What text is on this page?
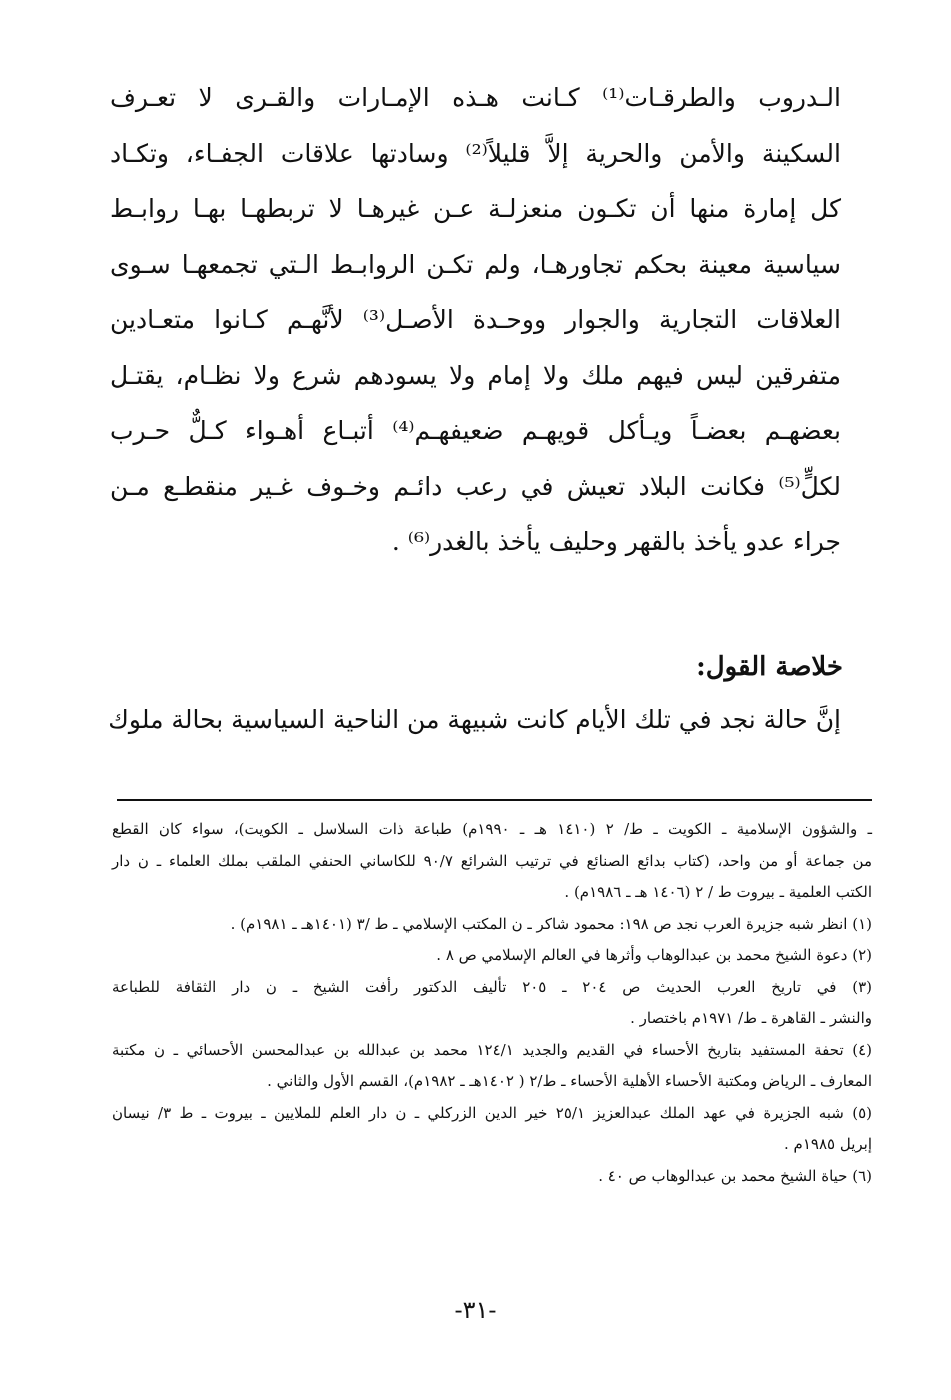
الـدروب والطرقـات⁽¹⁾ كـانت هـذه الإمـارات والقـرى لا تعـرف
السكينة والأمن والحرية إلاَّ قليلاً⁽²⁾ وسادتها علاقات الجفـاء، وتكـاد
كل إمارة منها أن تكـون منعزلـة عـن غيرهـا لا تربطهـا بهـا روابـط
سياسية معينة بحكم تجاورهـا، ولم تكـن الروابـط الـتي تجمعهـا سـوى
العلاقات التجارية والجوار ووحـدة الأصـل⁽³⁾ لأنَّهـم كـانوا متعـادين
متفرقين ليس فيهم ملك ولا إمام ولا يسودهم شرع ولا نظـام، يقتـل
بعضهـم بعضـاً ويـأكل قويهـم ضعيفهـم⁽⁴⁾ أتبـاع أهـواء كـلٌّ حـرب
لكلٍّ⁽⁵⁾ فكانت البلاد تعيش في رعب دائـم وخـوف غـير منقطـع مـن
جراء عدو يأخذ بالقهر وحليف يأخذ بالغدر⁽⁶⁾ .
خلاصة القول:
إنَّ حالة نجد في تلك الأيام كانت شبيهة من الناحية السياسية بحالة ملوك
ـ والشؤون الإسلامية ـ الكويت ـ ط/ ٢ (١٤١٠ هـ ـ ١٩٩٠م) طباعة ذات السلاسل ـ الكويت)، سواء كان القطع
من جماعة أو من واحد، (كتاب بدائع الصنائع في ترتيب الشرائع ٩٠/٧ للكاساني الحنفي الملقب بملك العلماء ـ ن دار
الكتب العلمية ـ بيروت ط / ٢ (١٤٠٦ هـ ـ ١٩٨٦م) .
(١) انظر شبه جزيرة العرب نجد ص ١٩٨: محمود شاكر ـ ن المكتب الإسلامي ـ ط /٣ (١٤٠١هـ ـ ١٩٨١م) .
(٢) دعوة الشيخ محمد بن عبدالوهاب وأثرها في العالم الإسلامي ص ٨ .
(٣) في تاريخ العرب الحديث ص ٢٠٤ ـ ٢٠٥ تأليف الدكتور رأفت الشيخ ـ ن دار الثقافة للطباعة
والنشر ـ القاهرة ـ ط/ ١٩٧١م باختصار .
(٤) تحفة المستفيد بتاريخ الأحساء في القديم والجديد ١٢٤/١ محمد بن عبدالله بن عبدالمحسن الأحسائي ـ ن مكتبة
المعارف ـ الرياض ومكتبة الأحساء الأهلية الأحساء ـ ط/٢ ( ١٤٠٢هـ ـ ١٩٨٢م)، القسم الأول والثاني .
(٥) شبه الجزيرة في عهد الملك عبدالعزيز ٢٥/١ خير الدين الزركلي ـ ن دار العلم للملايين ـ بيروت ـ ط ٣/ نيسان
إبريل ١٩٨٥م .
(٦) حياة الشيخ محمد بن عبدالوهاب ص ٤٠ .
-٣١-
